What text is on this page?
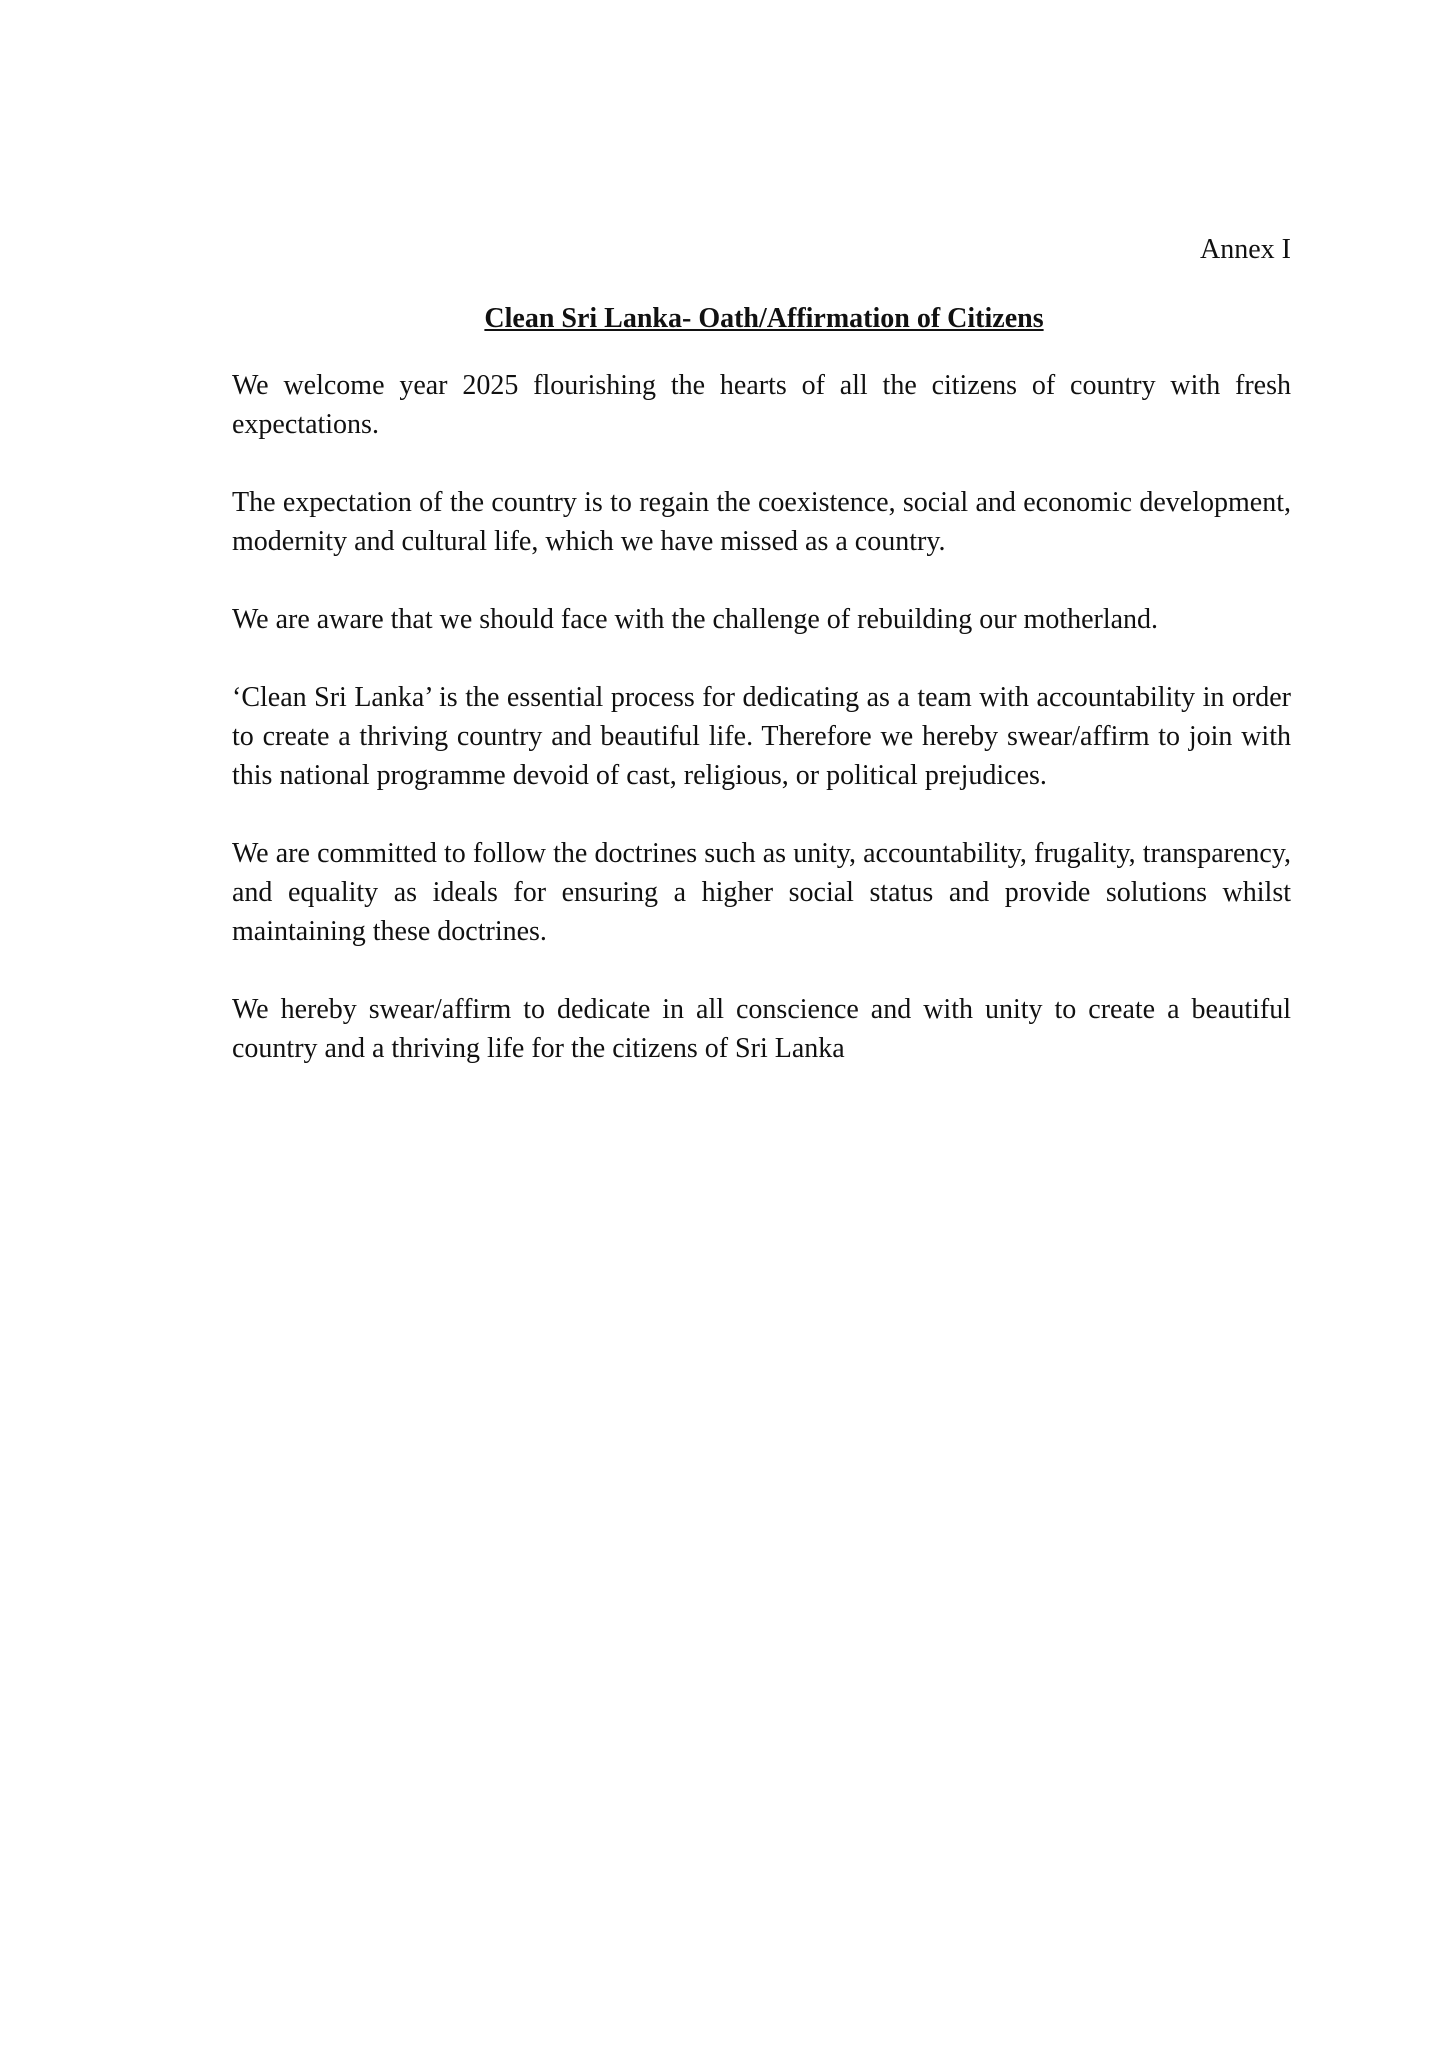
Annex I

Clean Sri Lanka- Oath/Affirmation of Citizens

We welcome year 2025 flourishing the hearts of all the citizens of country with fresh expectations.

The expectation of the country is to regain the coexistence, social and economic development, modernity and cultural life, which we have missed as a country.

We are aware that we should face with the challenge of rebuilding our motherland.

‘Clean Sri Lanka’ is the essential process for dedicating as a team with accountability in order to create a thriving country and beautiful life. Therefore we hereby swear/affirm to join with this national programme devoid of cast, religious, or political prejudices.

We are committed to follow the doctrines such as unity, accountability, frugality, transparency, and equality as ideals for ensuring a higher social status and provide solutions whilst maintaining these doctrines.

We hereby swear/affirm to dedicate in all conscience and with unity to create a beautiful country and a thriving life for the citizens of Sri Lanka
